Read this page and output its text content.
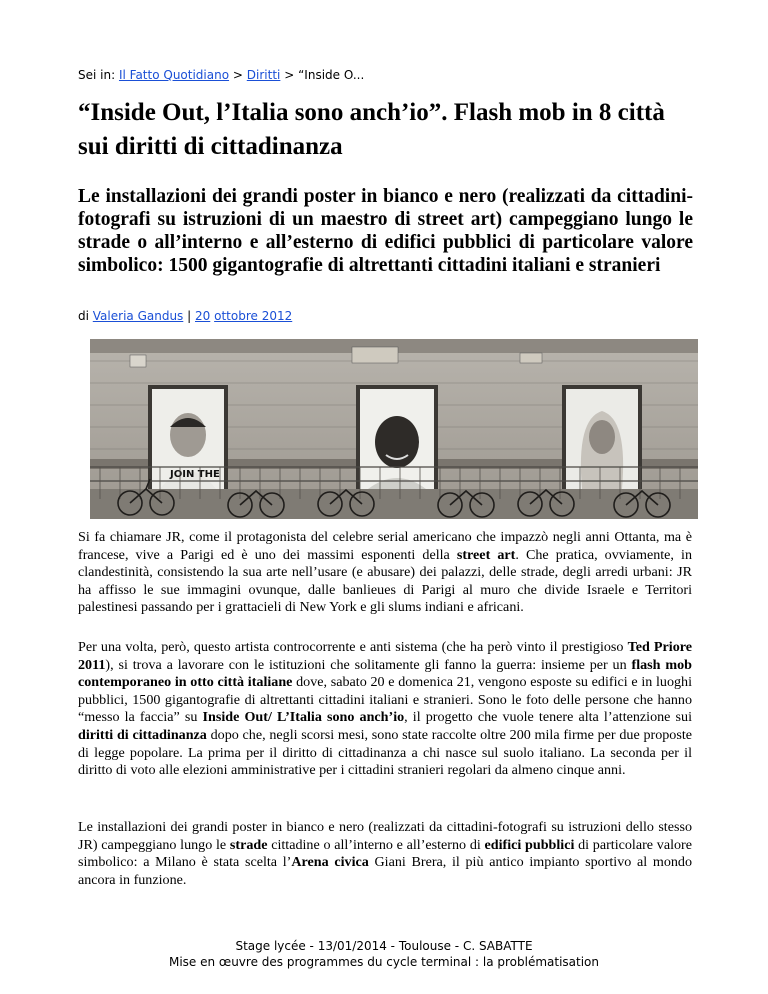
Sei in: Il Fatto Quotidiano > Diritti > “Inside O...
“Inside Out, l’Italia sono anch’io”. Flash mob in 8 città sui diritti di cittadinanza
Le installazioni dei grandi poster in bianco e nero (realizzati da cittadini-fotografi su istruzioni di un maestro di street art) campeggiano lungo le strade o all’interno e all’esterno di edifici pubblici di particolare valore simbolico: 1500 gigantografie di altrettanti cittadini italiani e stranieri
di Valeria Gandus | 20 ottobre 2012
JOIN THE

Si fa chiamare JR, come il protagonista del celebre serial americano che impazzò negli anni Ottanta, ma è francese, vive a Parigi ed è uno dei massimi esponenti della street art. Che pratica, ovviamente, in clandestinità, consistendo la sua arte nell’usare (e abusare) dei palazzi, delle strade, degli arredi urbani: JR ha affisso le sue immagini ovunque, dalle banlieues di Parigi al muro che divide Israele e Territori palestinesi passando per i grattacieli di New York e gli slums indiani e africani.

Per una volta, però, questo artista controcorrente e anti sistema (che ha però vinto il prestigioso Ted Priore 2011), si trova a lavorare con le istituzioni che solitamente gli fanno la guerra: insieme per un flash mob contemporaneo in otto città italiane dove, sabato 20 e domenica 21, vengono esposte su edifici e in luoghi pubblici, 1500 gigantografie di altrettanti cittadini italiani e stranieri. Sono le foto delle persone che hanno “messo la faccia” su Inside Out/ L’Italia sono anch’io, il progetto che vuole tenere alta l’attenzione sui diritti di cittadinanza dopo che, negli scorsi mesi, sono state raccolte oltre 200 mila firme per due proposte di legge popolare. La prima per il diritto di cittadinanza a chi nasce sul suolo italiano. La seconda per il diritto di voto alle elezioni amministrative per i cittadini stranieri regolari da almeno cinque anni.

Le installazioni dei grandi poster in bianco e nero (realizzati da cittadini-fotografi su istruzioni dello stesso JR) campeggiano lungo le strade cittadine o all’interno e all’esterno di edifici pubblici di particolare valore simbolico: a Milano è stata scelta l’Arena civica Giani Brera, il più antico impianto sportivo al mondo ancora in funzione.

Stage lycée - 13/01/2014 - Toulouse - C. SABATTE
Mise en œuvre des programmes du cycle terminal : la problématisation
